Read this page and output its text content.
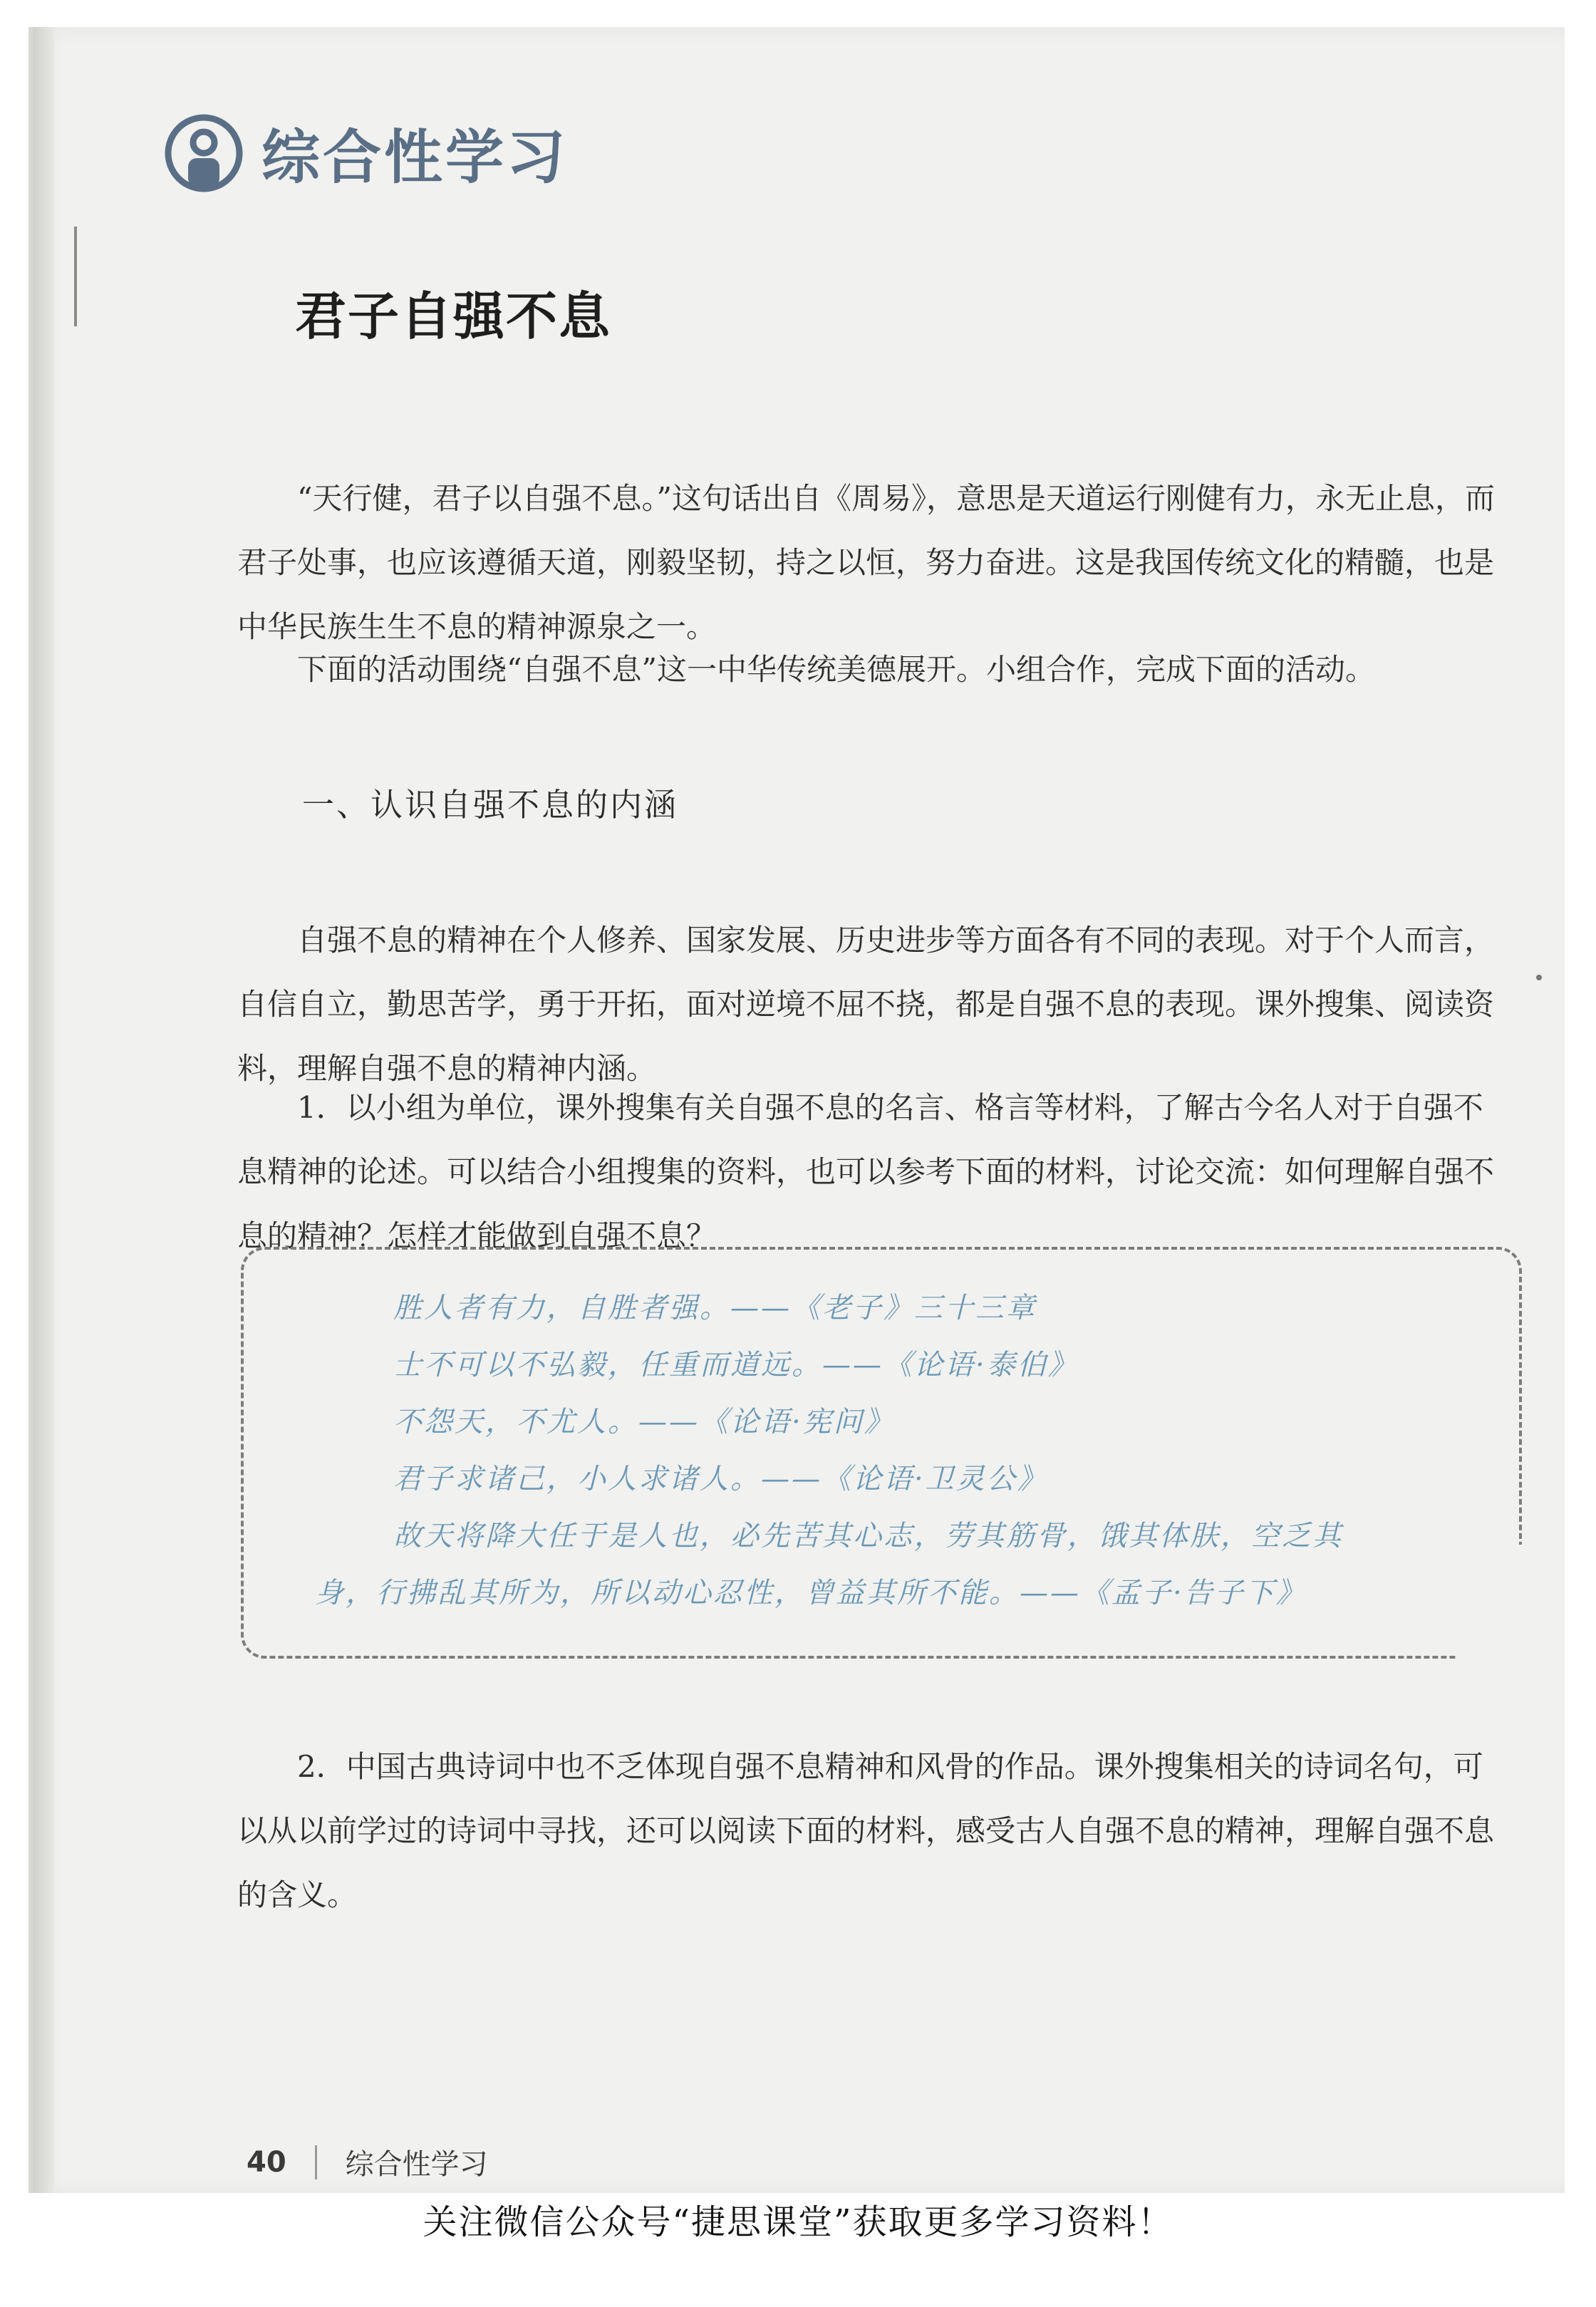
综合性学习
君子自强不息

“天行健，君子以自强不息。”这句话出自《周易》，意思是天道运行刚健有力，永无止息，而君子处事，也应该遵循天道，刚毅坚韧，持之以恒，努力奋进。这是我国传统文化的精髓，也是中华民族生生不息的精神源泉之一。

下面的活动围绕“自强不息”这一中华传统美德展开。小组合作，完成下面的活动。

一、认识自强不息的内涵

自强不息的精神在个人修养、国家发展、历史进步等方面各有不同的表现。对于个人而言，自信自立，勤思苦学，勇于开拓，面对逆境不屈不挠，都是自强不息的表现。课外搜集、阅读资料，理解自强不息的精神内涵。

1．以小组为单位，课外搜集有关自强不息的名言、格言等材料，了解古今名人对于自强不息精神的论述。可以结合小组搜集的资料，也可以参考下面的材料，讨论交流：如何理解自强不息的精神？怎样才能做到自强不息？

胜人者有力，自胜者强。——《老子》三十三章
士不可以不弘毅，任重而道远。——《论语·泰伯》
不怨天，不尤人。——《论语·宪问》
君子求诸己，小人求诸人。——《论语·卫灵公》
故天将降大任于是人也，必先苦其心志，劳其筋骨，饿其体肤，空乏其
身，行拂乱其所为，所以动心忍性，曾益其所不能。——《孟子·告子下》

2．中国古典诗词中也不乏体现自强不息精神和风骨的作品。课外搜集相关的诗词名句，可以从以前学过的诗词中寻找，还可以阅读下面的材料，感受古人自强不息的精神，理解自强不息的含义。

40 综合性学习
关注微信公众号“捷思课堂”获取更多学习资料！
